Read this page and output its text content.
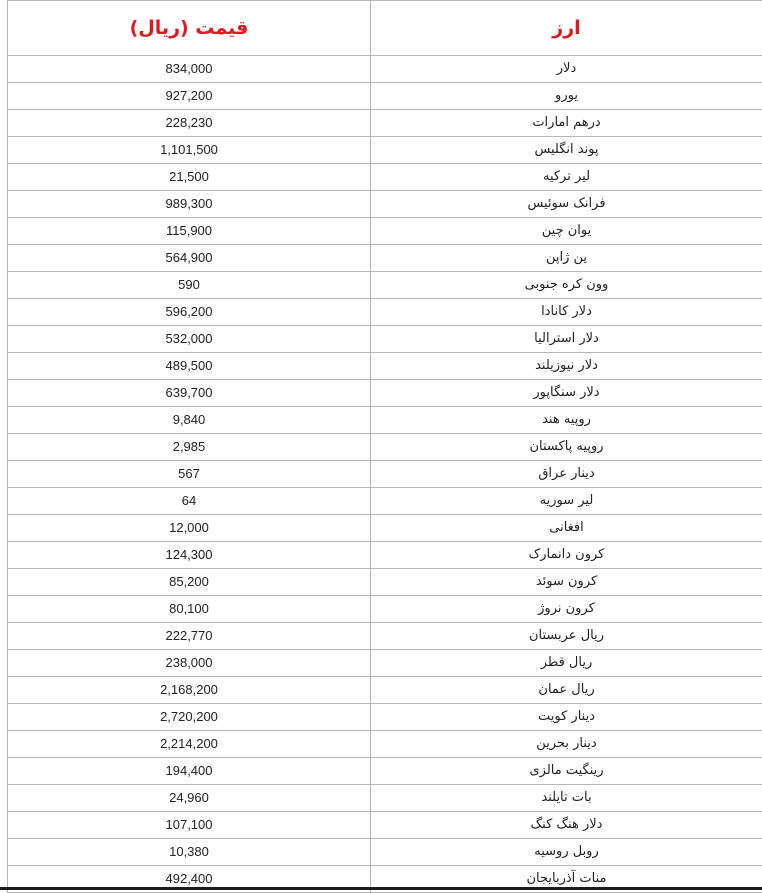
قیمت (ریال)	ارز
834,000	دلار
927,200	یورو
228,230	درهم امارات
1,101,500	پوند انگلیس
21,500	لیر ترکیه
989,300	فرانک سوئیس
115,900	یوان چین
564,900	ین ژاپن
590	وون کره جنوبی
596,200	دلار کانادا
532,000	دلار استرالیا
489,500	دلار نیوزیلند
639,700	دلار سنگاپور
9,840	روپیه هند
2,985	روپیه پاکستان
567	دینار عراق
64	لیر سوریه
12,000	افغانی
124,300	کرون دانمارک
85,200	کرون سوئد
80,100	کرون نروژ
222,770	ریال عربستان
238,000	ریال قطر
2,168,200	ریال عمان
2,720,200	دینار کویت
2,214,200	دینار بحرین
194,400	رینگیت مالزی
24,960	بات تایلند
107,100	دلار هنگ کنگ
10,380	روبل روسیه
492,400	منات آذربایجان
